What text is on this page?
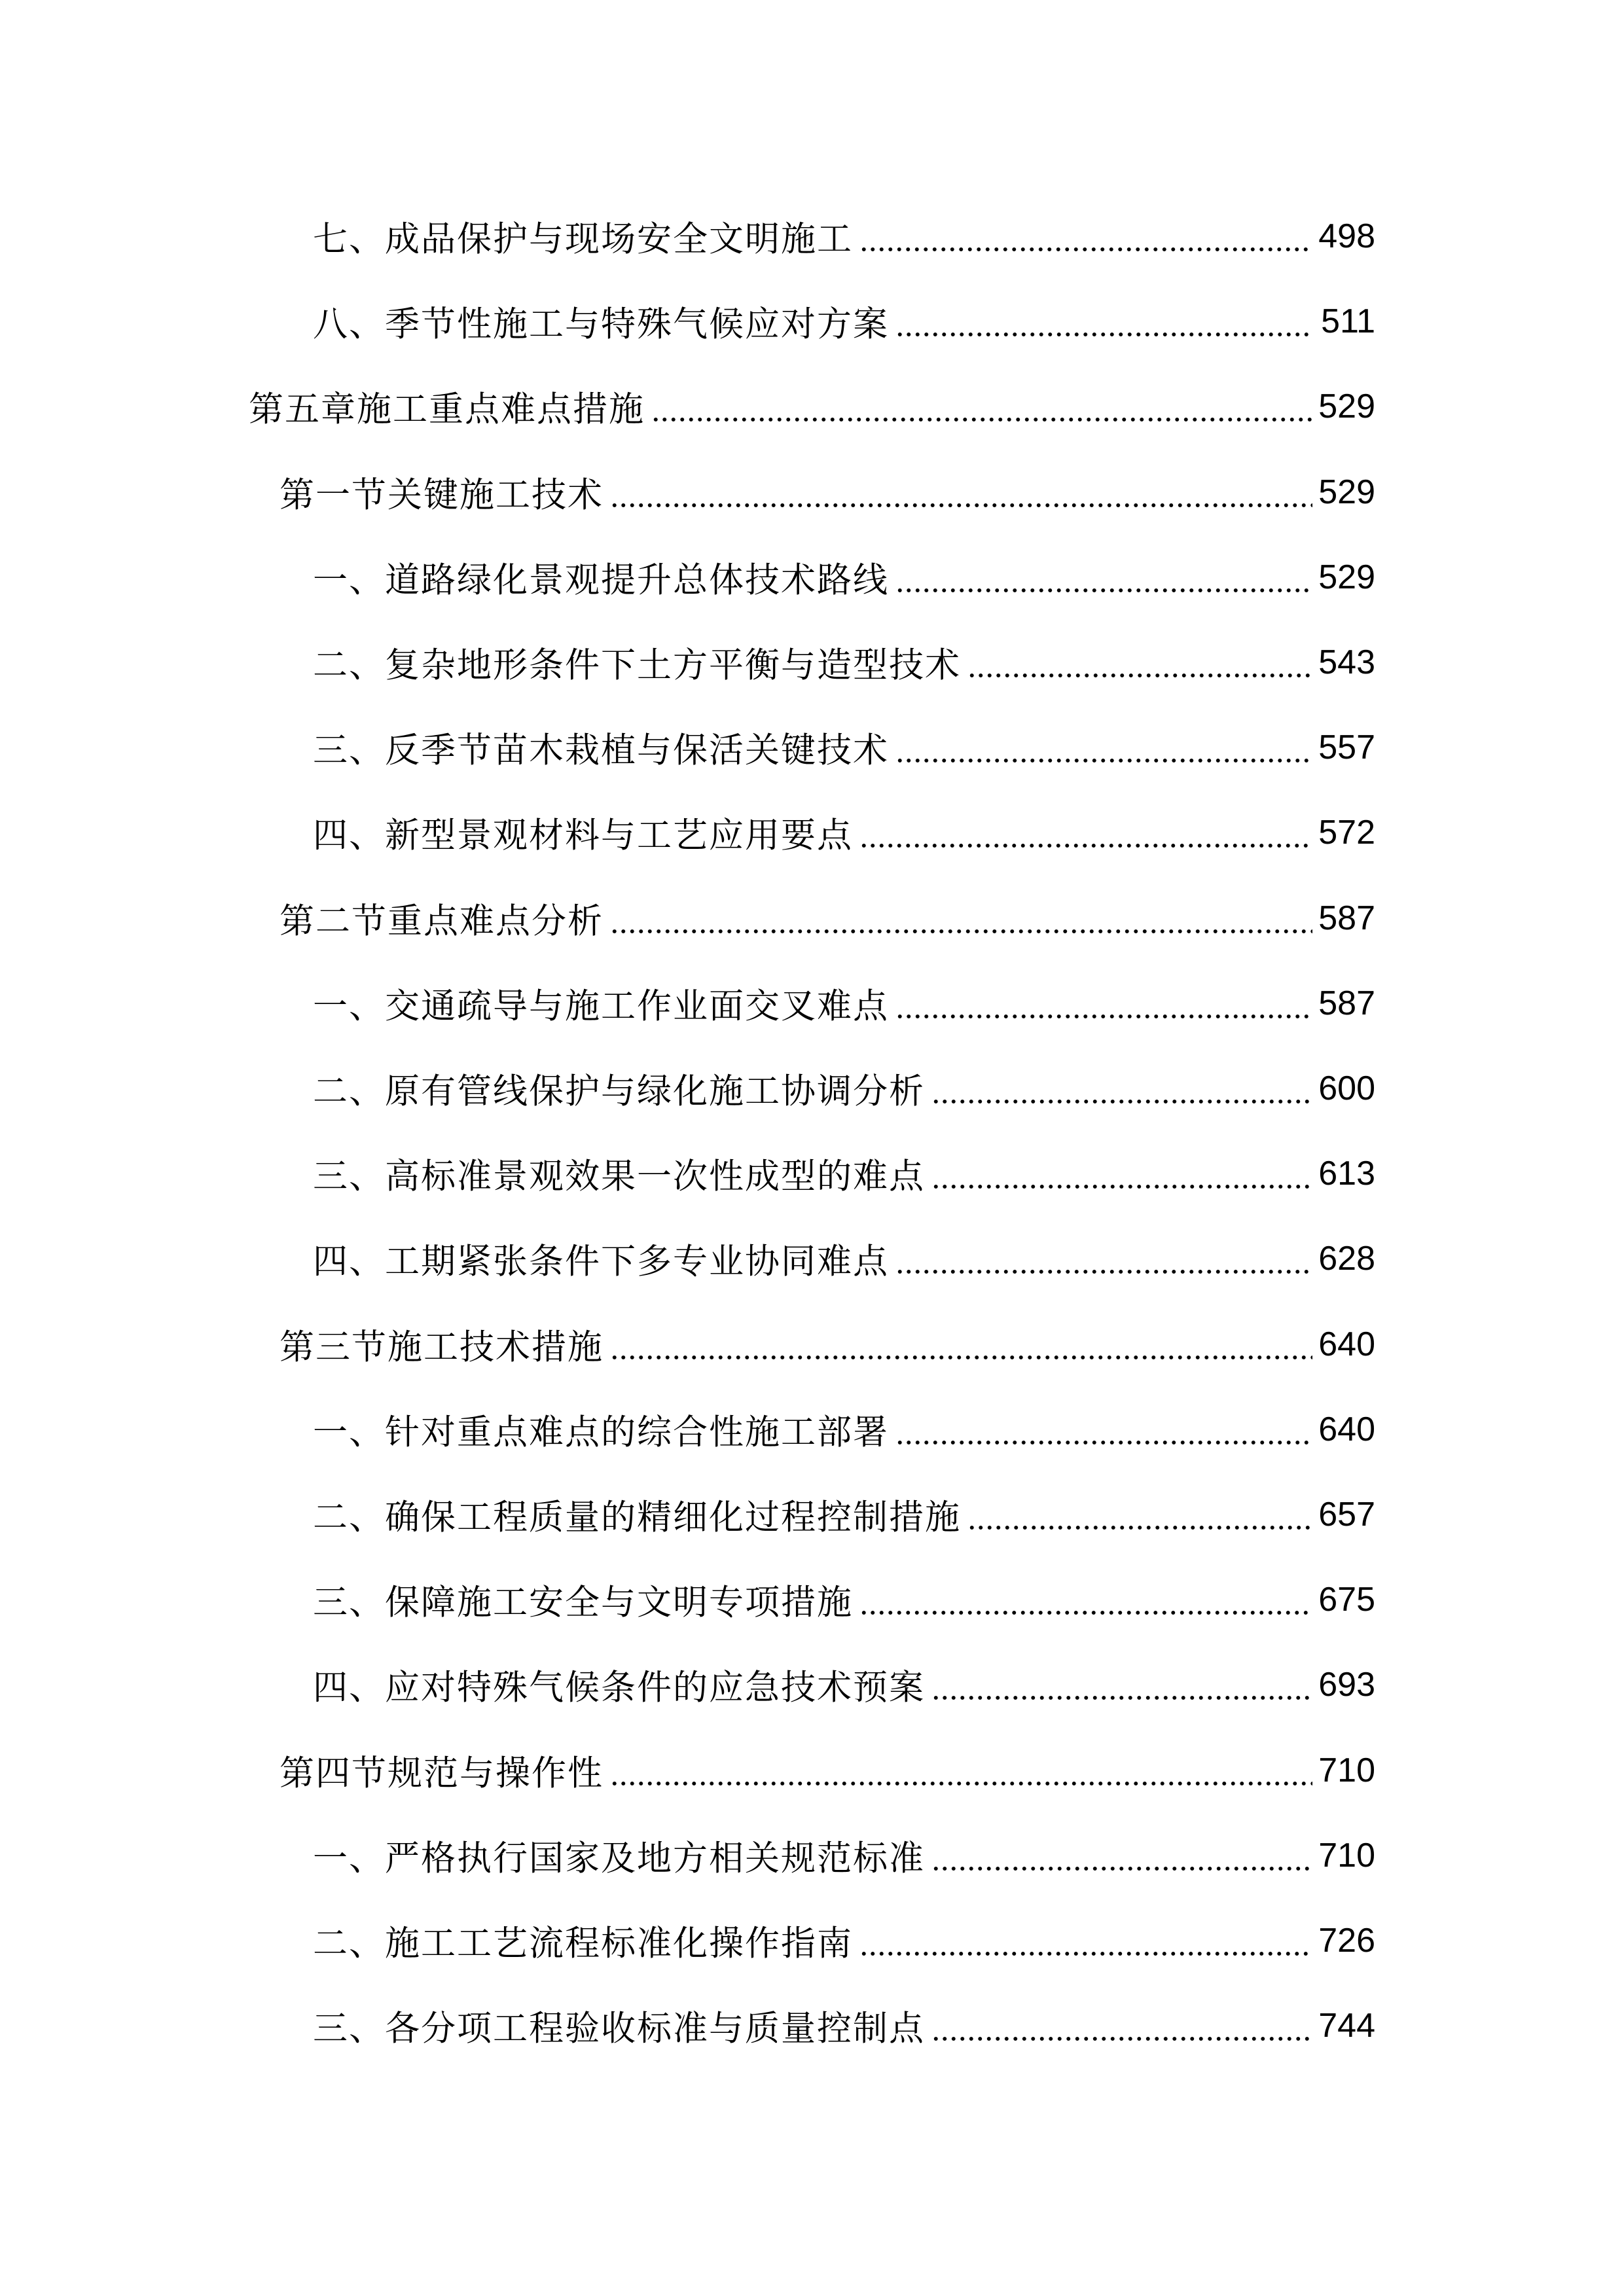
七、成品保护与现场安全文明施工	498
八、季节性施工与特殊气候应对方案	511
第五章施工重点难点措施	529
第一节关键施工技术	529
一、道路绿化景观提升总体技术路线	529
二、复杂地形条件下土方平衡与造型技术	543
三、反季节苗木栽植与保活关键技术	557
四、新型景观材料与工艺应用要点	572
第二节重点难点分析	587
一、交通疏导与施工作业面交叉难点	587
二、原有管线保护与绿化施工协调分析	600
三、高标准景观效果一次性成型的难点	613
四、工期紧张条件下多专业协同难点	628
第三节施工技术措施	640
一、针对重点难点的综合性施工部署	640
二、确保工程质量的精细化过程控制措施	657
三、保障施工安全与文明专项措施	675
四、应对特殊气候条件的应急技术预案	693
第四节规范与操作性	710
一、严格执行国家及地方相关规范标准	710
二、施工工艺流程标准化操作指南	726
三、各分项工程验收标准与质量控制点	744
